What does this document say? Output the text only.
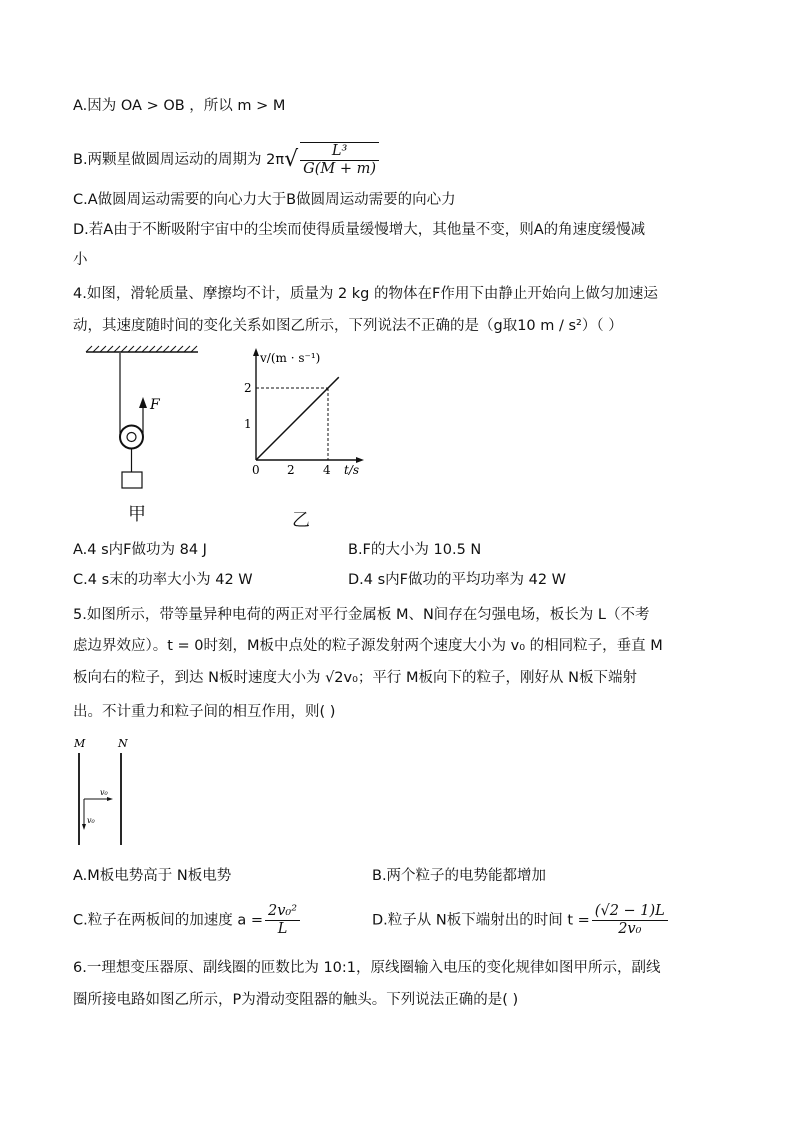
A.因为 OA > OB ，所以 m > M
B.两颗星做圆周运动的周期为 $2\pi√ \frac{\text{L³}}{G(M + m)}$
C.A做圆周运动需要的向心力大于B做圆周运动需要的向心力
D.若A由于不断吸附宇宙中的尘埃而使得质量缓慢增大，其他量不变，则A的角速度缓慢减
小
4.如图，滑轮质量、摩擦均不计，质量为 2 kg 的物体在F作用下由静止开始向上做匀加速运
动，其速度随时间的变化关系如图乙所示，下列说法不正确的是（g取10 m / s²）（ ）
F
甲
v/(m · s⁻¹)
t/s
0
1
2
2 4
乙
A.4 s内F做功为 84 J	B.F的大小为 10.5 N
C.4 s末的功率大小为 42 W	D.4 s内F做功的平均功率为 42 W
5.如图所示，带等量异种电荷的两正对平行金属板 M、N间存在匀强电场，板长为 L（不考
虑边界效应）。t = 0时刻，M板中点处的粒子源发射两个速度大小为 v₀ 的相同粒子，垂直 M
板向右的粒子，到达 N板时速度大小为 √2v₀；平行 M板向下的粒子，刚好从 N板下端射
出。不计重力和粒子间的相互作用，则( )
M	N
v₀
v₀
A.M板电势高于 N板电势	B.两个粒子的电势能都增加
C.粒子在两板间的加速度 $a = \frac{\text{2v₀²}}{L}$	D.粒子从 N板下端射出的时间 $t = \frac{(√2 - 1)L}{\text{2v₀}}$
6.一理想变压器原、副线圈的匝数比为 10:1，原线圈输入电压的变化规律如图甲所示，副线
圈所接电路如图乙所示，P为滑动变阻器的触头。下列说法正确的是( )
